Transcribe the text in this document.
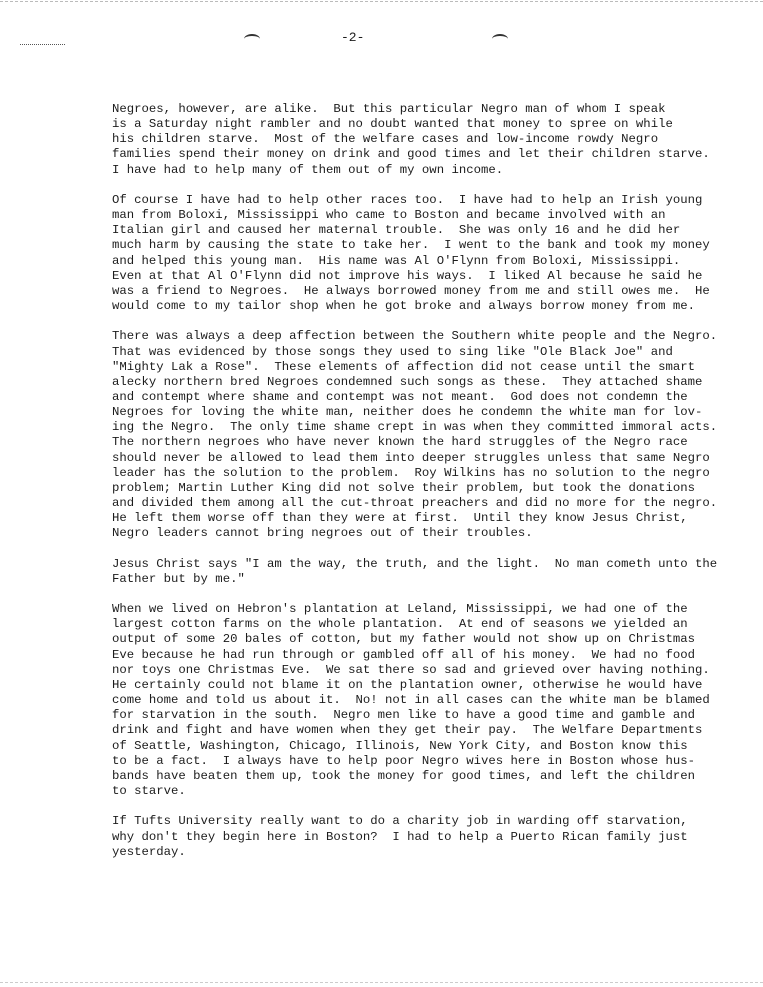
-2-
Negroes, however, are alike.  But this particular Negro man of whom I speak
is a Saturday night rambler and no doubt wanted that money to spree on while
his children starve.  Most of the welfare cases and low-income rowdy Negro
families spend their money on drink and good times and let their children starve.
I have had to help many of them out of my own income.
Of course I have had to help other races too.  I have had to help an Irish young
man from Boloxi, Mississippi who came to Boston and became involved with an
Italian girl and caused her maternal trouble.  She was only 16 and he did her
much harm by causing the state to take her.  I went to the bank and took my money
and helped this young man.  His name was Al O'Flynn from Boloxi, Mississippi.
Even at that Al O'Flynn did not improve his ways.  I liked Al because he said he
was a friend to Negroes.  He always borrowed money from me and still owes me.  He
would come to my tailor shop when he got broke and always borrow money from me.
There was always a deep affection between the Southern white people and the Negro.
That was evidenced by those songs they used to sing like "Ole Black Joe" and
"Mighty Lak a Rose".  These elements of affection did not cease until the smart
alecky northern bred Negroes condemned such songs as these.  They attached shame
and contempt where shame and contempt was not meant.  God does not condemn the
Negroes for loving the white man, neither does he condemn the white man for lov-
ing the Negro.  The only time shame crept in was when they committed immoral acts.
The northern negroes who have never known the hard struggles of the Negro race
should never be allowed to lead them into deeper struggles unless that same Negro
leader has the solution to the problem.  Roy Wilkins has no solution to the negro
problem; Martin Luther King did not solve their problem, but took the donations
and divided them among all the cut-throat preachers and did no more for the negro.
He left them worse off than they were at first.  Until they know Jesus Christ,
Negro leaders cannot bring negroes out of their troubles.
Jesus Christ says "I am the way, the truth, and the light.  No man cometh unto the
Father but by me."
When we lived on Hebron's plantation at Leland, Mississippi, we had one of the
largest cotton farms on the whole plantation.  At end of seasons we yielded an
output of some 20 bales of cotton, but my father would not show up on Christmas
Eve because he had run through or gambled off all of his money.  We had no food
nor toys one Christmas Eve.  We sat there so sad and grieved over having nothing.
He certainly could not blame it on the plantation owner, otherwise he would have
come home and told us about it.  No! not in all cases can the white man be blamed
for starvation in the south.  Negro men like to have a good time and gamble and
drink and fight and have women when they get their pay.  The Welfare Departments
of Seattle, Washington, Chicago, Illinois, New York City, and Boston know this
to be a fact.  I always have to help poor Negro wives here in Boston whose hus-
bands have beaten them up, took the money for good times, and left the children
to starve.
If Tufts University really want to do a charity job in warding off starvation,
why don't they begin here in Boston?  I had to help a Puerto Rican family just
yesterday.
